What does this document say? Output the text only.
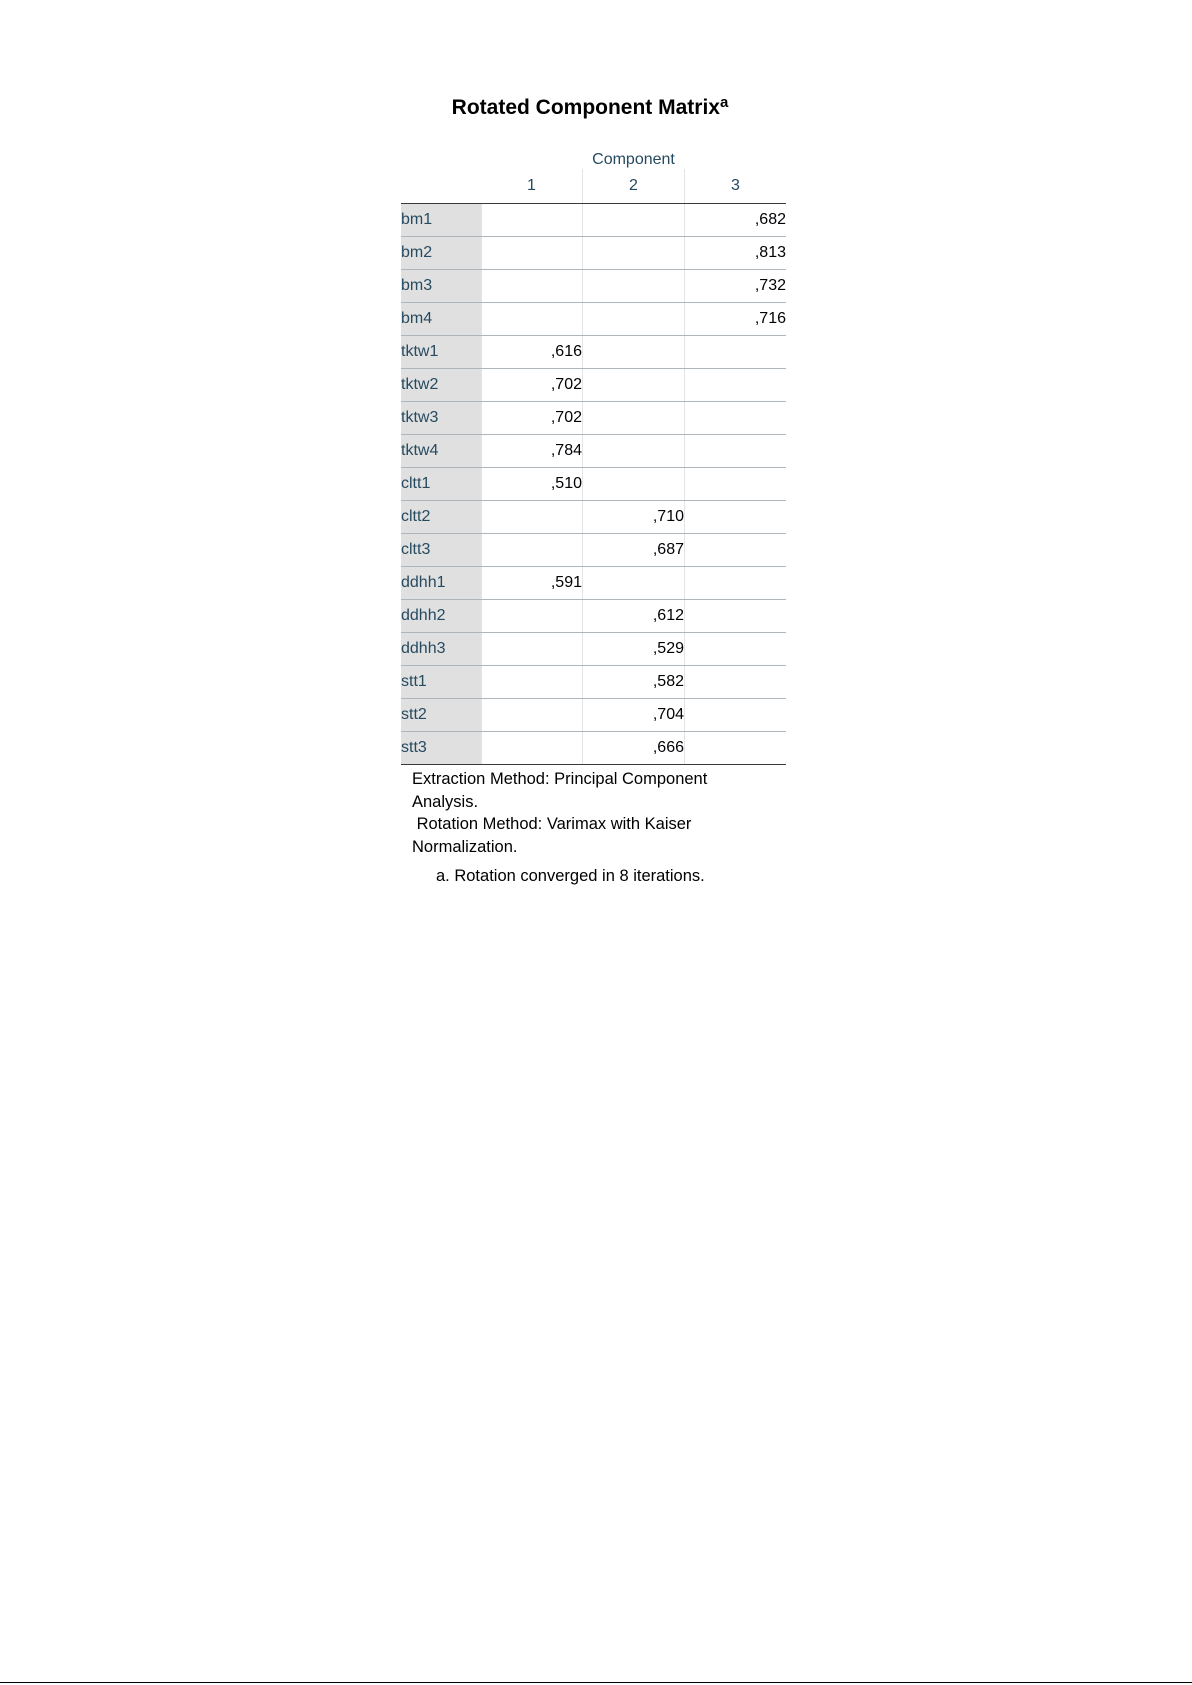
Rotated Component Matrix$^a$
	Component		
	1	2	3
bm1			,682
bm2			,813
bm3			,732
bm4			,716
tktw1	,616		
tktw2	,702		
tktw3	,702		
tktw4	,784		
cltt1	,510		
cltt2		,710	
cltt3		,687	
ddhh1	,591		
ddhh2		,612	
ddhh3		,529	
stt1		,582	
stt2		,704	
stt3		,666	
Extraction Method: Principal Component Analysis.
Rotation Method: Varimax with Kaiser Normalization.
a. Rotation converged in 8 iterations.
